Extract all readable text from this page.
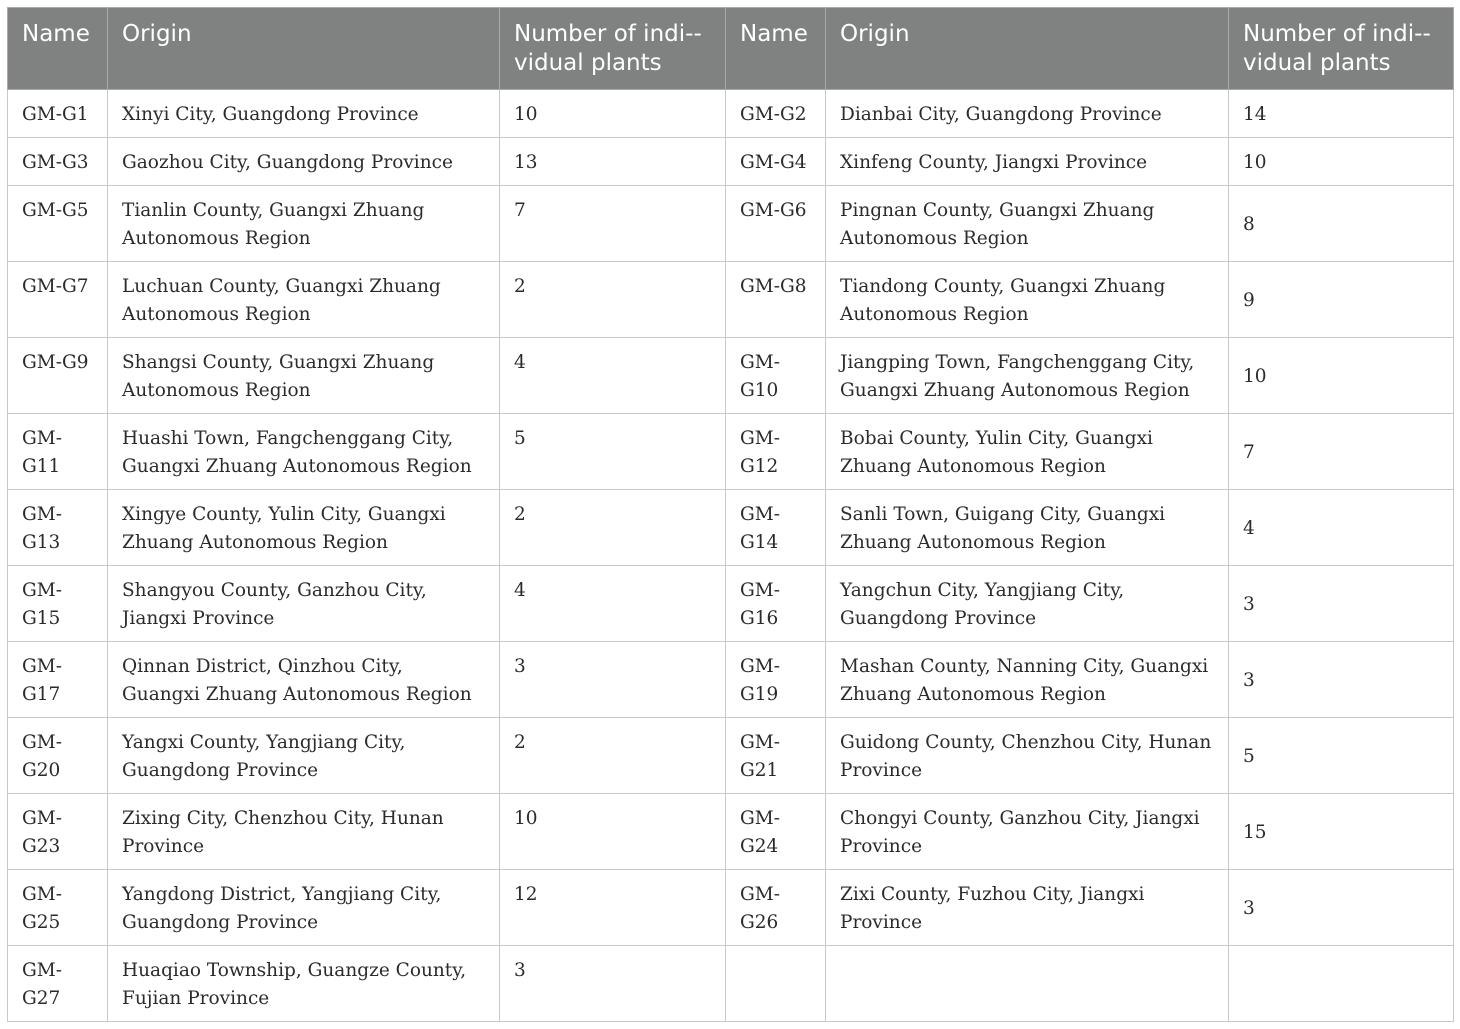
Name	Origin	Number of indi-vidual plants	Name	Origin	Number of indi-vidual plants
GM-G1	Xinyi City, Guangdong Province	10	GM-G2	Dianbai City, Guangdong Province	14
GM-G3	Gaozhou City, Guangdong Province	13	GM-G4	Xinfeng County, Jiangxi Province	10
GM-G5	Tianlin County, Guangxi Zhuang Autonomous Region	7	GM-G6	Pingnan County, Guangxi Zhuang Autonomous Region	8
GM-G7	Luchuan County, Guangxi Zhuang Autonomous Region	2	GM-G8	Tiandong County, Guangxi Zhuang Autonomous Region	9
GM-G9	Shangsi County, Guangxi Zhuang Autonomous Region	4	GM-G10	Jiangping Town, Fangchenggang City, Guangxi Zhuang Autonomous Region	10
GM-G11	Huashi Town, Fangchenggang City, Guangxi Zhuang Autonomous Region	5	GM-G12	Bobai County, Yulin City, Guangxi Zhuang Autonomous Region	7
GM-G13	Xingye County, Yulin City, Guangxi Zhuang Autonomous Region	2	GM-G14	Sanli Town, Guigang City, Guangxi Zhuang Autonomous Region	4
GM-G15	Shangyou County, Ganzhou City, Jiangxi Province	4	GM-G16	Yangchun City, Yangjiang City, Guangdong Province	3
GM-G17	Qinnan District, Qinzhou City, Guangxi Zhuang Autonomous Region	3	GM-G19	Mashan County, Nanning City, Guangxi Zhuang Autonomous Region	3
GM-G20	Yangxi County, Yangjiang City, Guangdong Province	2	GM-G21	Guidong County, Chenzhou City, Hunan Province	5
GM-G23	Zixing City, Chenzhou City, Hunan Province	10	GM-G24	Chongyi County, Ganzhou City, Jiangxi Province	15
GM-G25	Yangdong District, Yangjiang City, Guangdong Province	12	GM-G26	Zixi County, Fuzhou City, Jiangxi Province	3
GM-G27	Huaqiao Township, Guangze County, Fujian Province	3			
